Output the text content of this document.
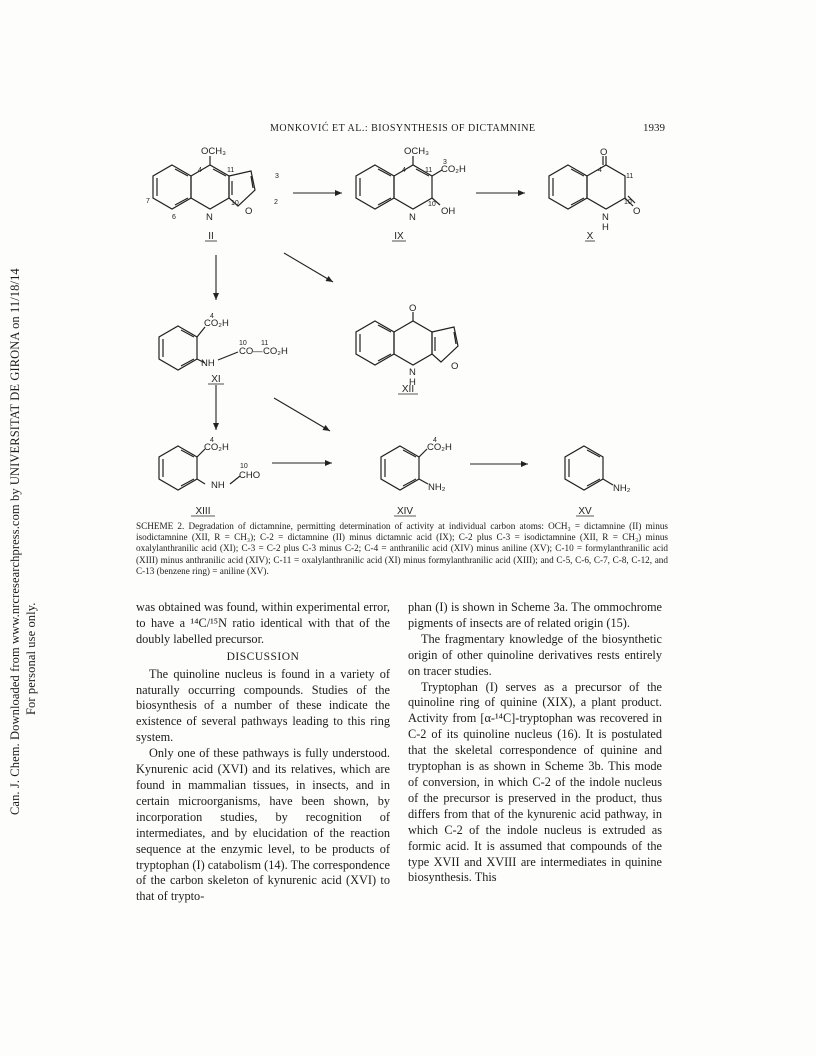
Can. J. Chem. Downloaded from www.nrcresearchpress.com by UNIVERSITAT DE GIRONA on 11/18/14 For personal use only.
MONKOVIĆ ET AL.: BIOSYNTHESIS OF DICTAMNINE	1939
II	IX	X
XI
XII
XIII	XIV	XV
OCH₃
N
O
OCH₃
CO₂H
N
OH
O
N
H
O
CO₂H
NH
CO — CO₂H
O
N
H
O
CO₂H
NH
CHO
CO₂H
NH₂	NH₂
4	11
3
2
10
7
6
4	11
3
10
4
11
10
4
10 11
4
10
4
SCHEME 2. Degradation of dictamnine, permitting determination of activity at individual carbon atoms: OCH₃ = dictamnine (II) minus isodictamnine (XII, R = CH₃); C-2 = dictamnine (II) minus dictamnic acid (IX); C-2 plus C-3 = isodictamnine (XII, R = CH₃) minus oxalylanthranilic acid (XI); C-3 = C-2 plus C-3 minus C-2; C-4 = anthranilic acid (XIV) minus aniline (XV); C-10 = formylanthranilic acid (XIII) minus anthranilic acid (XIV); C-11 = oxalylanthranilic acid (XI) minus formylanthranilic acid (XIII); and C-5, C-6, C-7, C-8, C-12, and C-13 (benzene ring) = aniline (XV).

was obtained was found, within experimental error, to have a ¹⁴C/¹⁵N ratio identical with that of the doubly labelled precursor.

DISCUSSION

The quinoline nucleus is found in a variety of naturally occurring compounds. Studies of the biosynthesis of a number of these indicate the existence of several pathways leading to this ring system.

Only one of these pathways is fully understood. Kynurenic acid (XVI) and its relatives, which are found in mammalian tissues, in insects, and in certain microorganisms, have been shown, by incorporation studies, by recognition of intermediates, and by elucidation of the reaction sequence at the enzymic level, to be products of tryptophan (I) catabolism (14). The correspondence of the carbon skeleton of kynurenic acid (XVI) to that of trypto-

phan (I) is shown in Scheme 3a. The ommochrome pigments of insects are of related origin (15).

The fragmentary knowledge of the biosynthetic origin of other quinoline derivatives rests entirely on tracer studies.

Tryptophan (I) serves as a precursor of the quinoline ring of quinine (XIX), a plant product. Activity from [α-¹⁴C]-tryptophan was recovered in C-2 of its quinoline nucleus (16). It is postulated that the skeletal correspondence of quinine and tryptophan is as shown in Scheme 3b. This mode of conversion, in which C-2 of the indole nucleus of the precursor is preserved in the product, thus differs from that of the kynurenic acid pathway, in which C-2 of the indole nucleus is extruded as formic acid. It is assumed that compounds of the type XVII and XVIII are intermediates in quinine biosynthesis. This
